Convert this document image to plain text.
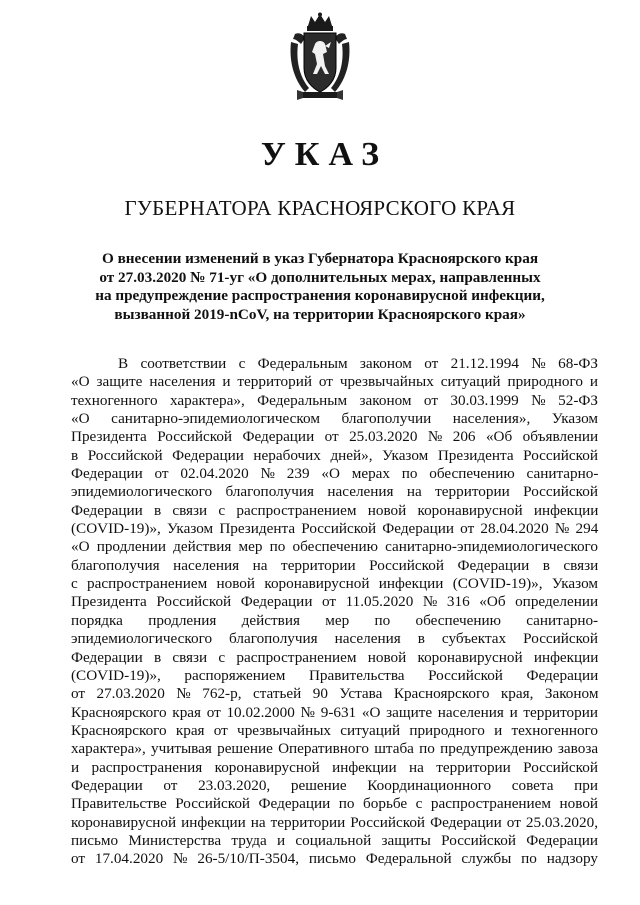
УКАЗ
ГУБЕРНАТОРА КРАСНОЯРСКОГО КРАЯ
О внесении изменений в указ Губернатора Красноярского края
от 27.03.2020 № 71-уг «О дополнительных мерах, направленных
на предупреждение распространения коронавирусной инфекции,
вызванной 2019-nCoV, на территории Красноярского края»
В соответствии с Федеральным законом от 21.12.1994 № 68-ФЗ
«О защите населения и территорий от чрезвычайных ситуаций природного и
техногенного характера», Федеральным законом от 30.03.1999 № 52-ФЗ
«О санитарно-эпидемиологическом благополучии населения», Указом
Президента Российской Федерации от 25.03.2020 № 206 «Об объявлении
в Российской Федерации нерабочих дней», Указом Президента Российской
Федерации от 02.04.2020 № 239 «О мерах по обеспечению санитарно-
эпидемиологического благополучия населения на территории Российской
Федерации в связи с распространением новой коронавирусной инфекции
(COVID-19)», Указом Президента Российской Федерации от 28.04.2020 № 294
«О продлении действия мер по обеспечению санитарно-эпидемиологического
благополучия населения на территории Российской Федерации в связи
с распространением новой коронавирусной инфекции (COVID-19)», Указом
Президента Российской Федерации от 11.05.2020 № 316 «Об определении
порядка продления действия мер по обеспечению санитарно-
эпидемиологического благополучия населения в субъектах Российской
Федерации в связи с распространением новой коронавирусной инфекции
(COVID-19)», распоряжением Правительства Российской Федерации
от 27.03.2020 № 762-р, статьей 90 Устава Красноярского края, Законом
Красноярского края от 10.02.2000 № 9-631 «О защите населения и территории
Красноярского края от чрезвычайных ситуаций природного и техногенного
характера», учитывая решение Оперативного штаба по предупреждению завоза
и распространения коронавирусной инфекции на территории Российской
Федерации от 23.03.2020, решение Координационного совета при
Правительстве Российской Федерации по борьбе с распространением новой
коронавирусной инфекции на территории Российской Федерации от 25.03.2020,
письмо Министерства труда и социальной защиты Российской Федерации
от 17.04.2020 № 26-5/10/П-3504, письмо Федеральной службы по надзору
